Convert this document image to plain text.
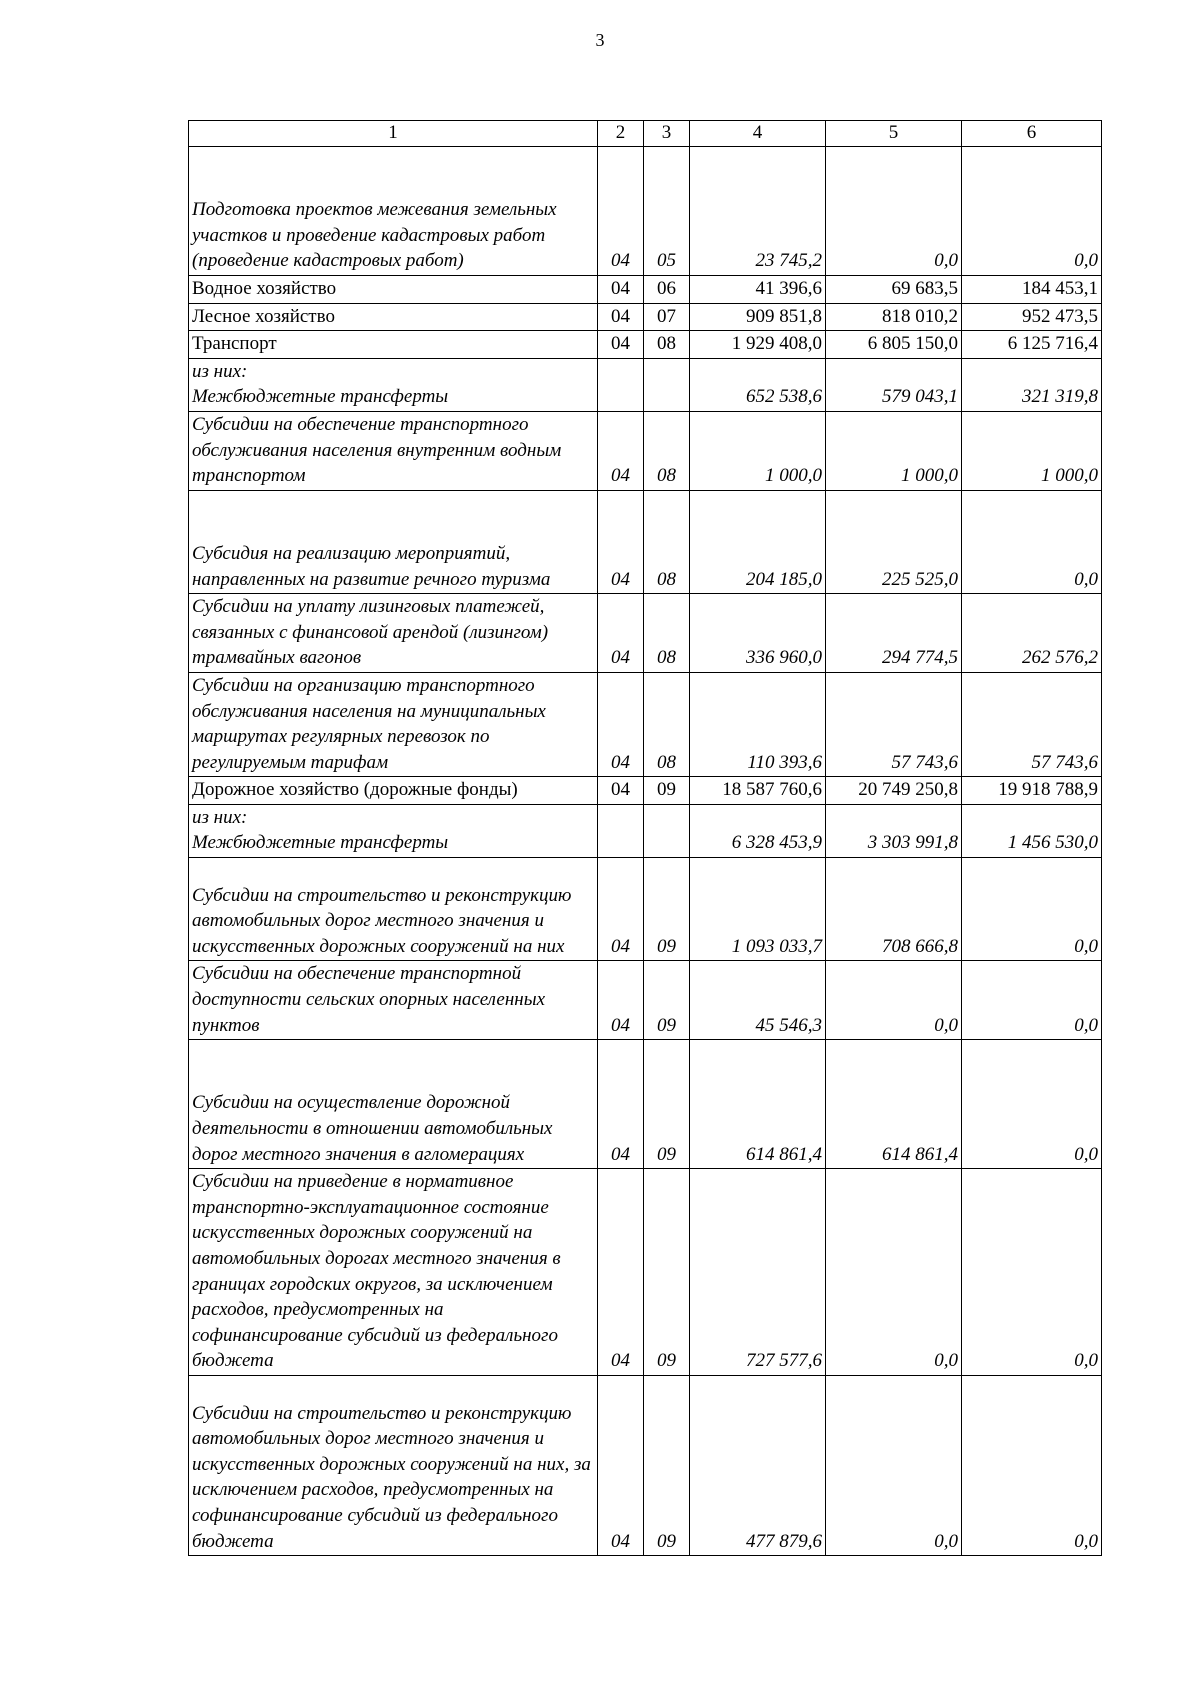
3
1	2	3	4	5	6
Подготовка проектов межевания земельных участков и проведение кадастровых работ (проведение кадастровых работ)	04	05	23 745,2	0,0	0,0
Водное хозяйство	04	06	41 396,6	69 683,5	184 453,1
Лесное хозяйство	04	07	909 851,8	818 010,2	952 473,5
Транспорт	04	08	1 929 408,0	6 805 150,0	6 125 716,4
из них:
Межбюджетные трансферты			652 538,6	579 043,1	321 319,8
Субсидии на обеспечение транспортного обслуживания населения внутренним водным транспортом	04	08	1 000,0	1 000,0	1 000,0
Субсидия на реализацию мероприятий, направленных на развитие речного туризма	04	08	204 185,0	225 525,0	0,0
Субсидии на уплату лизинговых платежей, связанных с финансовой арендой (лизингом) трамвайных вагонов	04	08	336 960,0	294 774,5	262 576,2
Субсидии на организацию транспортного обслуживания населения на муниципальных маршрутах регулярных перевозок по регулируемым тарифам	04	08	110 393,6	57 743,6	57 743,6
Дорожное хозяйство (дорожные фонды)	04	09	18 587 760,6	20 749 250,8	19 918 788,9
из них:
Межбюджетные трансферты			6 328 453,9	3 303 991,8	1 456 530,0
Субсидии на строительство и реконструкцию автомобильных дорог местного значения и искусственных дорожных сооружений на них	04	09	1 093 033,7	708 666,8	0,0
Субсидии на обеспечение транспортной доступности сельских опорных населенных пунктов	04	09	45 546,3	0,0	0,0
Субсидии на осуществление дорожной деятельности в отношении автомобильных дорог местного значения в агломерациях	04	09	614 861,4	614 861,4	0,0
Субсидии на приведение в нормативное транспортно-эксплуатационное состояние искусственных дорожных сооружений на автомобильных дорогах местного значения в границах городских округов, за исключением расходов, предусмотренных на софинансирование субсидий из федерального бюджета	04	09	727 577,6	0,0	0,0
Субсидии на строительство и реконструкцию автомобильных дорог местного значения и искусственных дорожных сооружений на них, за исключением расходов, предусмотренных на софинансирование субсидий из федерального бюджета	04	09	477 879,6	0,0	0,0
